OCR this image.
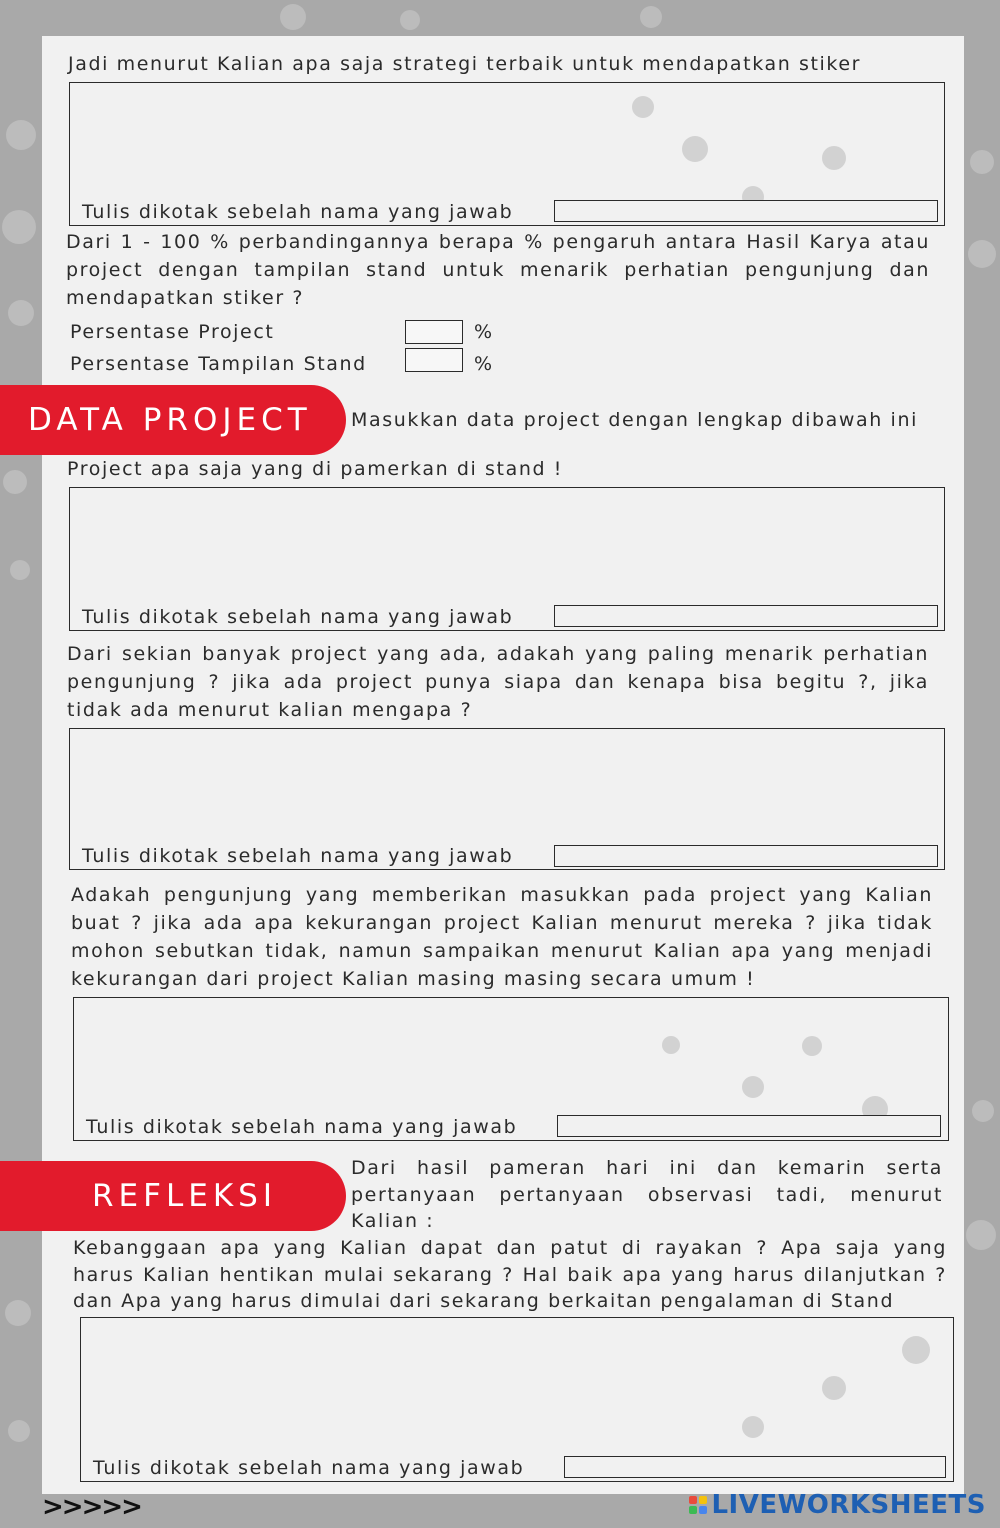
Jadi menurut Kalian apa saja strategi terbaik untuk mendapatkan stiker
Tulis dikotak sebelah nama yang jawab
Dari 1 - 100 % perbandingannya berapa % pengaruh antara Hasil Karya atau project dengan tampilan stand untuk menarik perhatian pengunjung dan mendapatkan stiker ?
Persentase Project	%
Persentase Tampilan Stand	%
DATA PROJECT	Masukkan data project dengan lengkap dibawah ini
Project apa saja yang di pamerkan di stand !
Tulis dikotak sebelah nama yang jawab
Dari sekian banyak project yang ada, adakah yang paling menarik perhatian pengunjung ? jika ada project punya siapa dan kenapa bisa begitu ?, jika tidak ada menurut kalian mengapa ?
Tulis dikotak sebelah nama yang jawab
Adakah pengunjung yang memberikan masukkan pada project yang Kalian buat ? jika ada apa kekurangan project Kalian menurut mereka ? jika tidak mohon sebutkan tidak, namun sampaikan menurut Kalian apa yang menjadi kekurangan dari project Kalian masing masing secara umum !
Tulis dikotak sebelah nama yang jawab
REFLEKSI
Dari hasil pameran hari ini dan kemarin serta pertanyaan pertanyaan observasi tadi, menurut Kalian :
Kebanggaan apa yang Kalian dapat dan patut di rayakan ? Apa saja yang harus Kalian hentikan mulai sekarang ? Hal baik apa yang harus dilanjutkan ? dan Apa yang harus dimulai dari sekarang berkaitan pengalaman di Stand
Tulis dikotak sebelah nama yang jawab
>>>>>	LIVEWORKSHEETS
